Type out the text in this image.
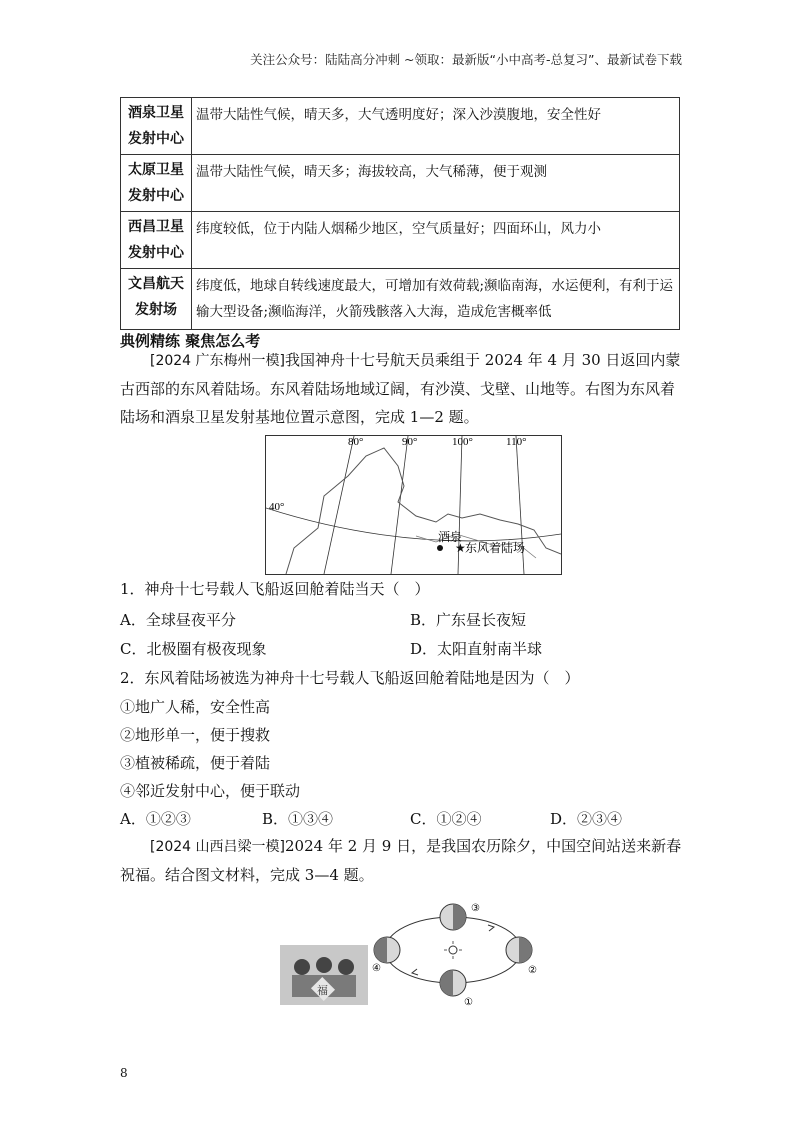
关注公众号：陆陆高分冲刺 ~领取：最新版“小中高考-总复习”、最新试卷下载
酒泉卫星
发射中心	温带大陆性气候，晴天多，大气透明度好；深入沙漠腹地，安全性好

太原卫星
发射中心	温带大陆性气候，晴天多；海拔较高，大气稀薄，便于观测

西昌卫星
发射中心	纬度较低，位于内陆人烟稀少地区，空气质量好；四面环山，风力小

文昌航天
发射场	纬度低，地球自转线速度最大，可增加有效荷载;濒临南海，水运便利，有利于运输大型设备;濒临海洋，火箭残骸落入大海，造成危害概率低
典例精练 聚焦怎么考
[2024 广东梅州一模]我国神舟十七号航天员乘组于 2024 年 4 月 30 日返回内蒙古西部的东风着陆场。东风着陆场地域辽阔，有沙漠、戈壁、山地等。右图为东风着陆场和酒泉卫星发射基地位置示意图，完成 1—2 题。
80°	90°	100°	110°
40°
酒泉
★ 东风着陆场
1．神舟十七号载人飞船返回舱着陆当天（　）
A．全球昼夜平分	B．广东昼长夜短
C．北极圈有极夜现象	D．太阳直射南半球
2．东风着陆场被选为神舟十七号载人飞船返回舱着陆地是因为（　）
①地广人稀，安全性高
②地形单一，便于搜救
③植被稀疏，便于着陆
④邻近发射中心，便于联动
A．①②③	B．①③④	C．①②④	D．②③④
[2024 山西吕梁一模]2024 年 2 月 9 日，是我国农历除夕，中国空间站送来新春祝福。结合图文材料，完成 3—4 题。
福
③
②
④
①
8
